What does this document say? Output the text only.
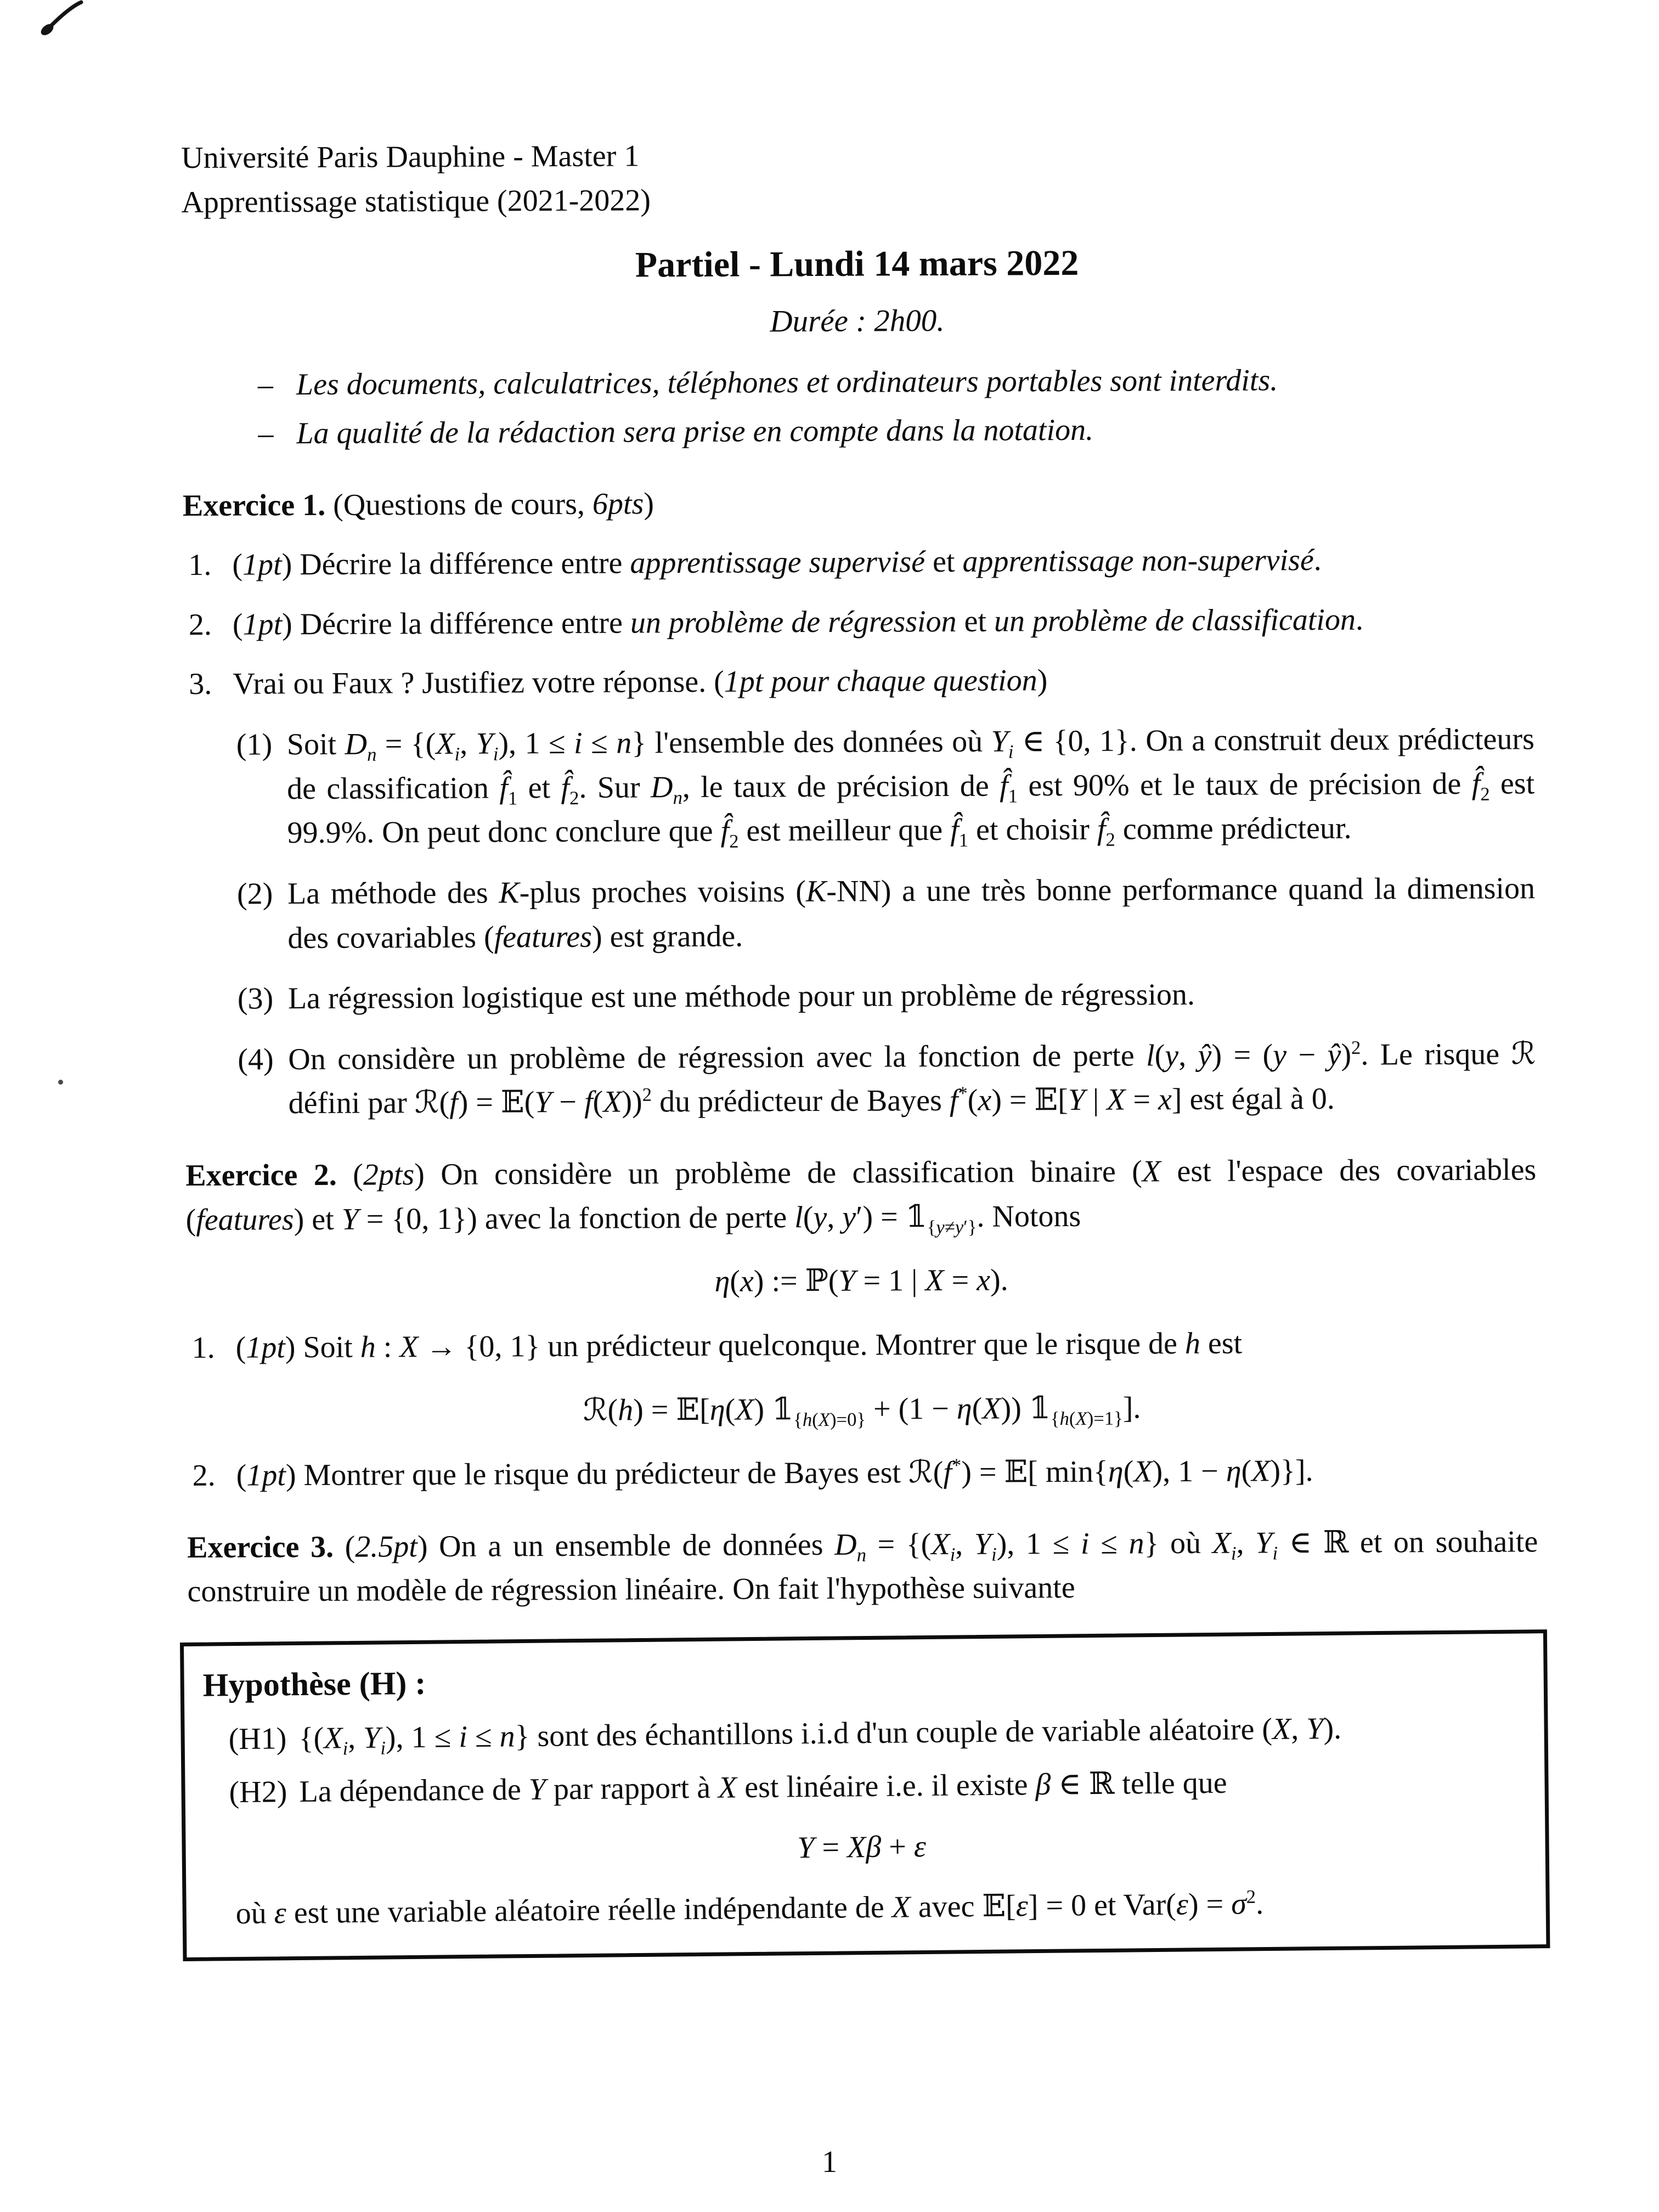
Université Paris Dauphine - Master 1

Apprentissage statistique (2021-2022)

Partiel - Lundi 14 mars 2022

Durée : 2h00.

– Les documents, calculatrices, téléphones et ordinateurs portables sont interdits.
– La qualité de la rédaction sera prise en compte dans la notation.

Exercice 1. (Questions de cours, 6pts)

1. (1pt) Décrire la différence entre apprentissage supervisé et apprentissage non-supervisé.
2. (1pt) Décrire la différence entre un problème de régression et un problème de classification.
3. Vrai ou Faux ? Justifiez votre réponse. (1pt pour chaque question)
(1) Soit $D_n = \{(X_i$, $Y_i$), 1 ≤ i ≤ n} l'ensemble des données où $Y_i$ ∈ {0, 1}. On a construit deux prédicteurs de classification $f̂_1$ et $f̂_2$. Sur $D_n$, le taux de précision de $f̂_1$ est 90% et le taux de précision de $f̂_2$ est 99.9%. On peut donc conclure que $f̂_2$ est meilleur que $f̂_1$ et choisir $f̂_2$ comme prédicteur.
(2) La méthode des K-plus proches voisins (K-NN) a une très bonne performance quand la dimension des covariables (features) est grande.
(3) La régression logistique est une méthode pour un problème de régression.
(4) On considère un problème de régression avec la fonction de perte l(y, ŷ) = (y − ŷ)$^2$. Le risque ℛ défini par ℛ(f) = 𝔼(Y − f(X))$^2$ du prédicteur de Bayes f*(x) = 𝔼[Y | X = x] est égal à 0.

Exercice 2. (2pts) On considère un problème de classification binaire (X est l'espace des covariables (features) et Y = {0, 1}) avec la fonction de perte l(y, $y') = 𝟙_{\{y\ne y'\}}$. Notons

η(x) := ℙ(Y = 1 | X = x).

1. (1pt) Soit h : X → {0, 1} un prédicteur quelconque. Montrer que le risque de h est

ℛ(h) = 𝔼[η(X) $𝟙_{\{h(X)=0\}} + (1 - \eta(X))$ $𝟙_{\{h(X)=1\}}$].

2. (1pt) Montrer que le risque du prédicteur de Bayes est ℛ(f*) = 𝔼[ min{η(X), 1 − η(X)}].

Exercice 3. (2.5pt) On a un ensemble de données $D_n = \{(X_i$, $Y_i$), 1 ≤ i ≤ n} où $X_i$, $Y_i$ ∈ ℝ et on souhaite construire un modèle de régression linéaire. On fait l'hypothèse suivante

Hypothèse (H) :

(H1) {($X_i$, $Y_i$), 1 ≤ i ≤ n} sont des échantillons i.i.d d'un couple de variable aléatoire (X, Y).
(H2) La dépendance de Y par rapport à X est linéaire i.e. il existe β ∈ ℝ telle que

Y = Xβ + ε

où ε est une variable aléatoire réelle indépendante de X avec 𝔼[ε] = 0 et $Var(\varepsilon) = \sigma^2$.

1
